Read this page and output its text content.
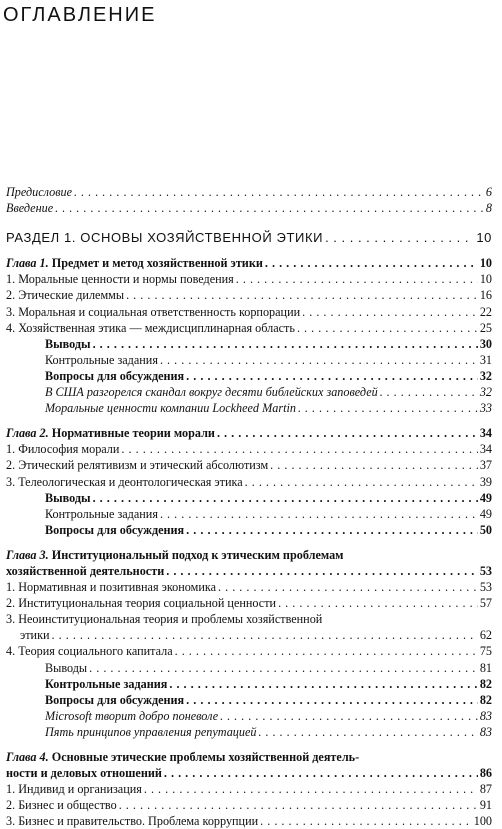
ОГЛАВЛЕНИЕ
Предисловие . . .	6
Введение . . .	8
РАЗДЕЛ 1. ОСНОВЫ ХОЗЯЙСТВЕННОЙ ЭТИКИ . . .	10
Глава 1. Предмет и метод хозяйственной этики . . .	10
1. Моральные ценности и нормы поведения . . .	10
2. Этические дилеммы . . .	16
3. Моральная и социальная ответственность корпорации . . .	22
4. Хозяйственная этика — междисциплинарная область . . .	25
Выводы . . .	30
Контрольные задания . . .	31
Вопросы для обсуждения . . .	32
В США разгорелся скандал вокруг десяти библейских заповедей . . .	32
Моральные ценности компании Lockheed Martin . . .	33
Глава 2. Нормативные теории морали . . .	34
1. Философия морали . . .	34
2. Этический релятивизм и этический абсолютизм . . .	37
3. Телеологическая и деонтологическая этика . . .	39
Выводы . . .	49
Контрольные задания . . .	49
Вопросы для обсуждения . . .	50
Глава 3. Институциональный подход к этическим проблемам
хозяйственной деятельности . . .	53
1. Нормативная и позитивная экономика . . .	53
2. Институциональная теория социальной ценности . . .	57
3. Неоинституциональная теория и проблемы хозяйственной
этики . . .	62
4. Теория социального капитала . . .	75
Выводы . . .	81
Контрольные задания . . .	82
Вопросы для обсуждения . . .	82
Microsoft творит добро поневоле . . .	83
Пять принципов управления репутацией . . .	83
Глава 4. Основные этические проблемы хозяйственной деятель-
ности и деловых отношений . . .	86
1. Индивид и организация . . .	87
2. Бизнес и общество . . .	91
3. Бизнес и правительство. Проблема коррупции . . .	100
